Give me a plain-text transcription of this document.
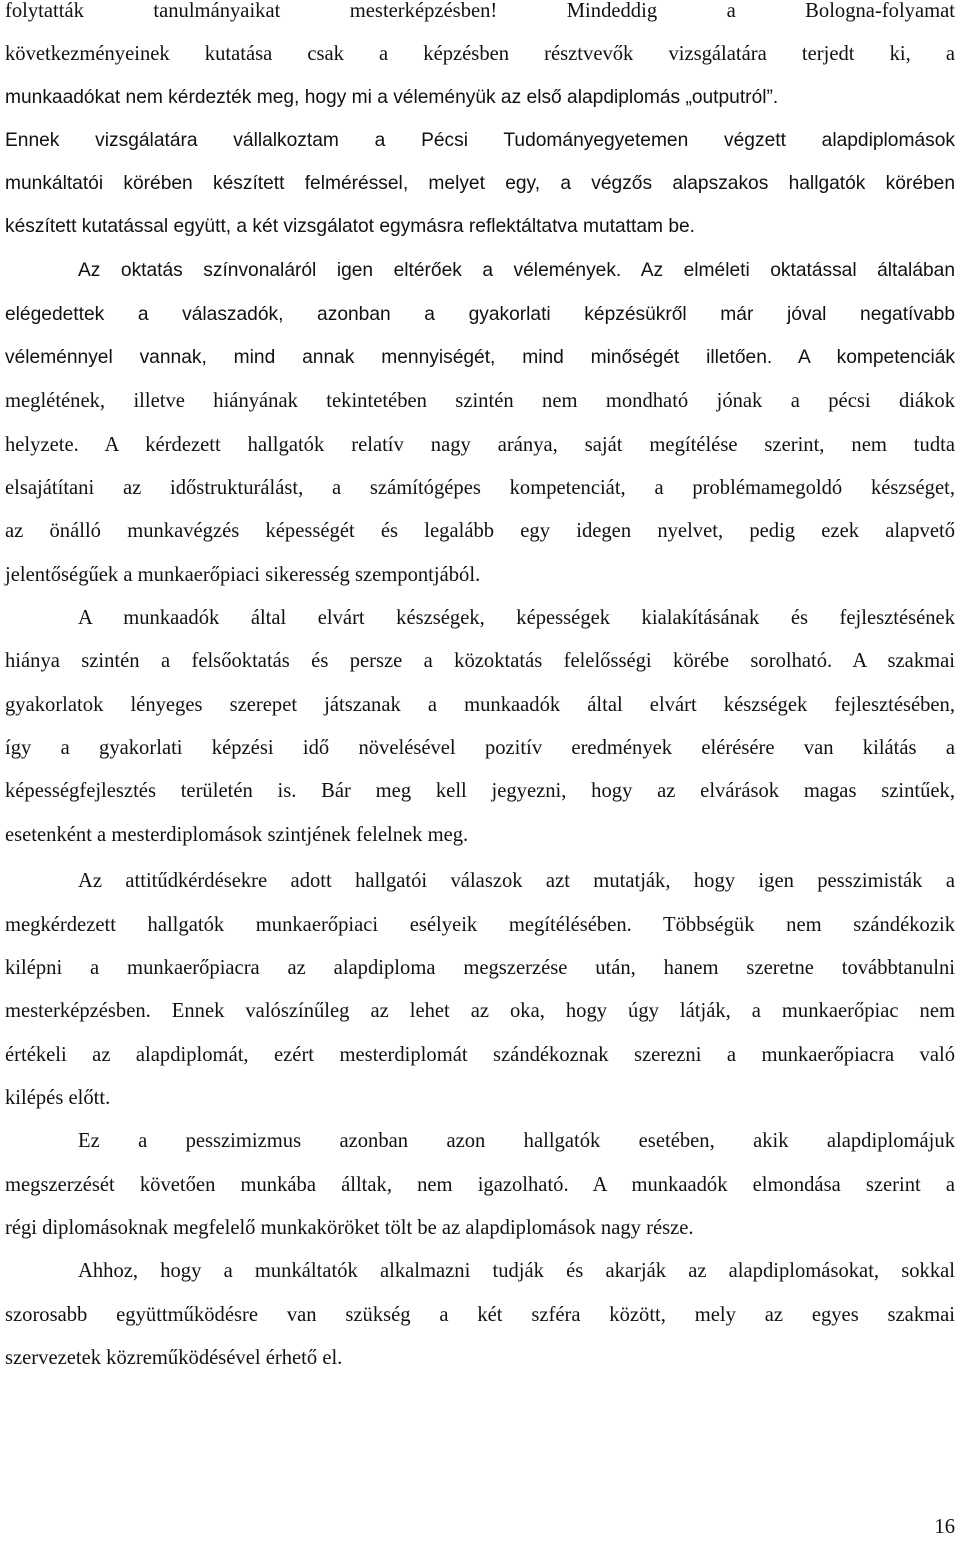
folytatták tanulmányaikat mesterképzésben! Mindeddig a Bologna-folyamat
következményeinek kutatása csak a képzésben résztvevők vizsgálatára terjedt ki, a
munkaadókat nem kérdezték meg, hogy mi a véleményük az első alapdiplomás „outputról”.
Ennek vizsgálatára vállalkoztam a Pécsi Tudományegyetemen végzett alapdiplomások
munkáltatói körében készített felméréssel, melyet egy, a végzős alapszakos hallgatók körében
készített kutatással együtt, a két vizsgálatot egymásra reflektáltatva mutattam be.
Az oktatás színvonaláról igen eltérőek a vélemények. Az elméleti oktatással általában
elégedettek a válaszadók, azonban a gyakorlati képzésükről már jóval negatívabb
véleménnyel vannak, mind annak mennyiségét, mind minőségét illetően. A kompetenciák
meglétének, illetve hiányának tekintetében szintén nem mondható jónak a pécsi diákok
helyzete. A kérdezett hallgatók relatív nagy aránya, saját megítélése szerint, nem tudta
elsajátítani az időstrukturálást, a számítógépes kompetenciát, a problémamegoldó készséget,
az önálló munkavégzés képességét és legalább egy idegen nyelvet, pedig ezek alapvető
jelentőségűek a munkaerőpiaci sikeresség szempontjából.
A munkaadók által elvárt készségek, képességek kialakításának és fejlesztésének
hiánya szintén a felsőoktatás és persze a közoktatás felelősségi körébe sorolható. A szakmai
gyakorlatok lényeges szerepet játszanak a munkaadók által elvárt készségek fejlesztésében,
így a gyakorlati képzési idő növelésével pozitív eredmények elérésére van kilátás a
képességfejlesztés területén is. Bár meg kell jegyezni, hogy az elvárások magas szintűek,
esetenként a mesterdiplomások szintjének felelnek meg.
Az attitűdkérdésekre adott hallgatói válaszok azt mutatják, hogy igen pesszimisták a
megkérdezett hallgatók munkaerőpiaci esélyeik megítélésében. Többségük nem szándékozik
kilépni a munkaerőpiacra az alapdiploma megszerzése után, hanem szeretne továbbtanulni
mesterképzésben. Ennek valószínűleg az lehet az oka, hogy úgy látják, a munkaerőpiac nem
értékeli az alapdiplomát, ezért mesterdiplomát szándékoznak szerezni a munkaerőpiacra való
kilépés előtt.
Ez a pesszimizmus azonban azon hallgatók esetében, akik alapdiplomájuk
megszerzését követően munkába álltak, nem igazolható. A munkaadók elmondása szerint a
régi diplomásoknak megfelelő munkaköröket tölt be az alapdiplomások nagy része.
Ahhoz, hogy a munkáltatók alkalmazni tudják és akarják az alapdiplomásokat, sokkal
szorosabb együttműködésre van szükség a két szféra között, mely az egyes szakmai
szervezetek közreműködésével érhető el.
16
